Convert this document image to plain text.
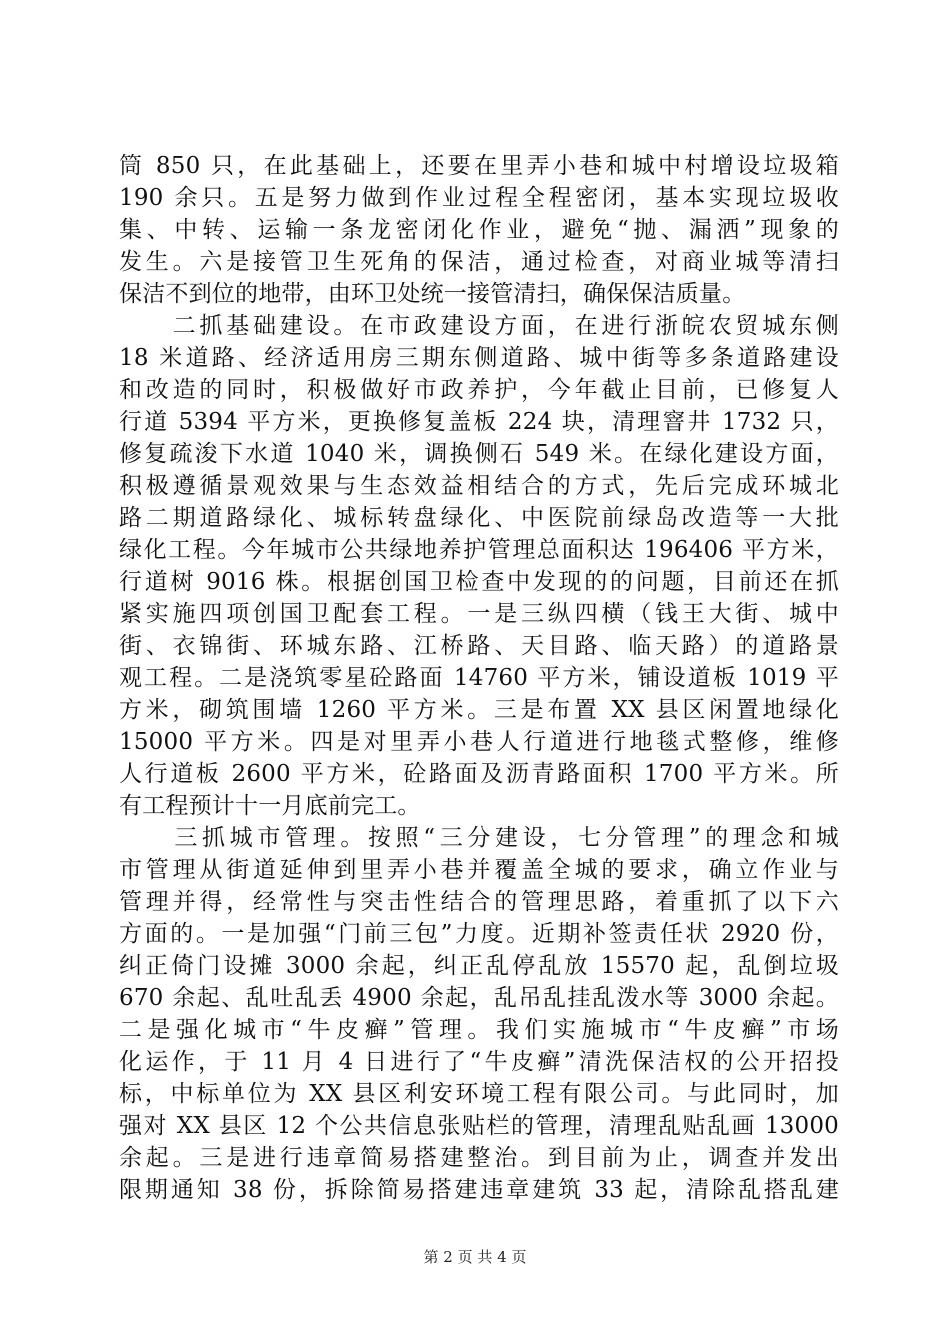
筒 850 只，在此基础上，还要在里弄小巷和城中村增设垃圾箱
190 余只。五是努力做到作业过程全程密闭，基本实现垃圾收
集、中转、运输一条龙密闭化作业，避免“抛、漏洒”现象的
发生。六是接管卫生死角的保洁，通过检查，对商业城等清扫
保洁不到位的地带，由环卫处统一接管清扫，确保保洁质量。
　　二抓基础建设。在市政建设方面，在进行浙皖农贸城东侧
18 米道路、经济适用房三期东侧道路、城中街等多条道路建设
和改造的同时，积极做好市政养护，今年截止目前，已修复人
行道 5394 平方米，更换修复盖板 224 块，清理窨井 1732 只，
修复疏浚下水道 1040 米，调换侧石 549 米。在绿化建设方面，
积极遵循景观效果与生态效益相结合的方式，先后完成环城北
路二期道路绿化、城标转盘绿化、中医院前绿岛改造等一大批
绿化工程。今年城市公共绿地养护管理总面积达 196406 平方米，
行道树 9016 株。根据创国卫检查中发现的的问题，目前还在抓
紧实施四项创国卫配套工程。一是三纵四横（钱王大街、城中
街、衣锦街、环城东路、江桥路、天目路、临天路）的道路景
观工程。二是浇筑零星砼路面 14760 平方米，铺设道板 1019 平
方米，砌筑围墙 1260 平方米。三是布置 XX 县区闲置地绿化
15000 平方米。四是对里弄小巷人行道进行地毯式整修，维修
人行道板 2600 平方米，砼路面及沥青路面积 1700 平方米。所
有工程预计十一月底前完工。
　　三抓城市管理。按照“三分建设，七分管理”的理念和城
市管理从街道延伸到里弄小巷并覆盖全城的要求，确立作业与
管理并得，经常性与突击性结合的管理思路，着重抓了以下六
方面的。一是加强“门前三包”力度。近期补签责任状 2920 份，
纠正倚门设摊 3000 余起，纠正乱停乱放 15570 起，乱倒垃圾
670 余起、乱吐乱丢 4900 余起，乱吊乱挂乱泼水等 3000 余起。
二是强化城市“牛皮癣”管理。我们实施城市“牛皮癣”市场
化运作，于 11 月 4 日进行了“牛皮癣”清洗保洁权的公开招投
标，中标单位为 XX 县区利安环境工程有限公司。与此同时，加
强对 XX 县区 12 个公共信息张贴栏的管理，清理乱贴乱画 13000
余起。三是进行违章简易搭建整治。到目前为止，调查并发出
限期通知 38 份，拆除简易搭建违章建筑 33 起，清除乱搭乱建
第 2 页 共 4 页
